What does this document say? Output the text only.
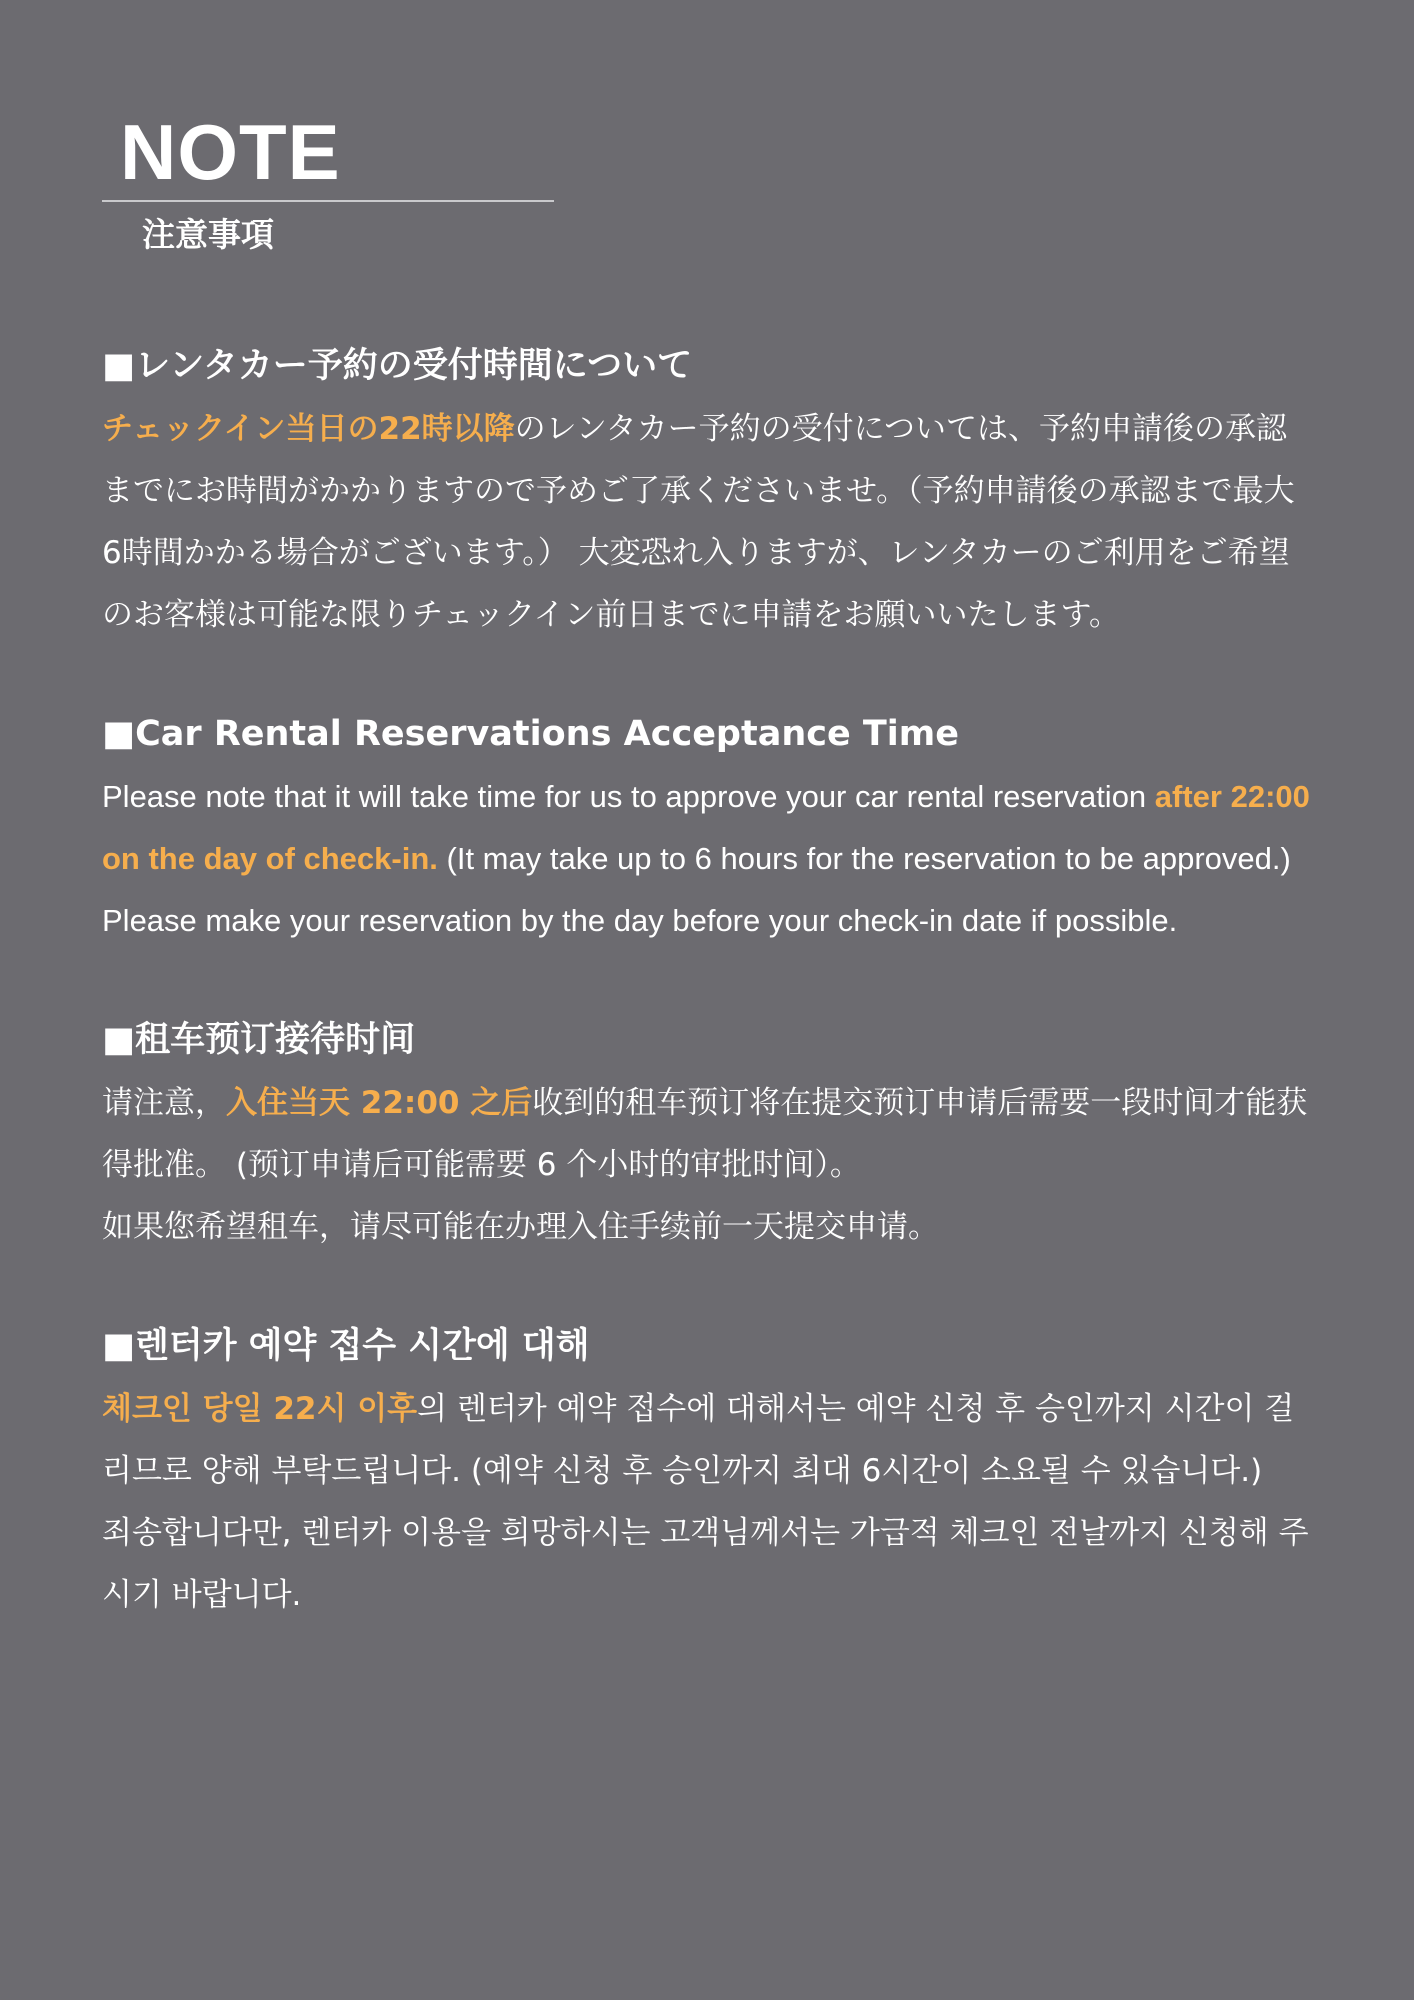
NOTE
注意事項
■レンタカー予約の受付時間について

チェックイン当日の22時以降のレンタカー予約の受付については、予約申請後の承認までにお時間がかかりますので予めご了承くださいませ。（予約申請後の承認まで最大6時間かかる場合がございます。） 大変恐れ入りますが、レンタカーのご利用をご希望のお客様は可能な限りチェックイン前日までに申請をお願いいたします。

■Car Rental Reservations Acceptance Time

Please note that it will take time for us to approve your car rental reservation after 22:00 on the day of check-in. (It may take up to 6 hours for the reservation to be approved.)

Please make your reservation by the day before your check-in date if possible.

■租车预订接待时间

请注意，入住当天 22:00 之后收到的租车预订将在提交预订申请后需要一段时间才能获得批准。 (预订申请后可能需要 6 个小时的审批时间）。

如果您希望租车，请尽可能在办理入住手续前一天提交申请。

■렌터카 예약 접수 시간에 대해

체크인 당일 22시 이후의 렌터카 예약 접수에 대해서는 예약 신청 후 승인까지 시간이 걸리므로 양해 부탁드립니다. (예약 신청 후 승인까지 최대 6시간이 소요될 수 있습니다.)

죄송합니다만, 렌터카 이용을 희망하시는 고객님께서는 가급적 체크인 전날까지 신청해 주시기 바랍니다.
